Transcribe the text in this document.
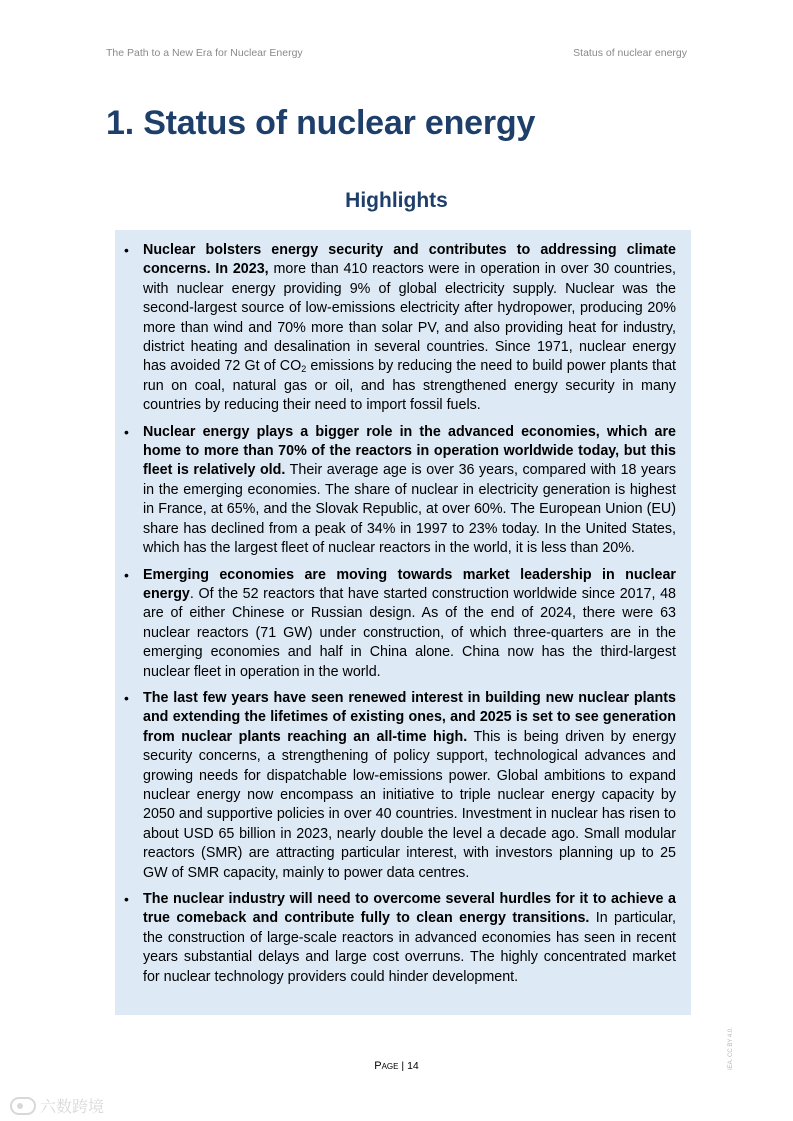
The Path to a New Era for Nuclear Energy	Status of nuclear energy
1. Status of nuclear energy
Highlights
• Nuclear bolsters energy security and contributes to addressing climate concerns. In 2023, more than 410 reactors were in operation in over 30 countries, with nuclear energy providing 9% of global electricity supply. Nuclear was the second-largest source of low-emissions electricity after hydropower, producing 20% more than wind and 70% more than solar PV, and also providing heat for industry, district heating and desalination in several countries. Since 1971, nuclear energy has avoided 72 Gt of $CO_2$ emissions by reducing the need to build power plants that run on coal, natural gas or oil, and has strengthened energy security in many countries by reducing their need to import fossil fuels.
• Nuclear energy plays a bigger role in the advanced economies, which are home to more than 70% of the reactors in operation worldwide today, but this fleet is relatively old. Their average age is over 36 years, compared with 18 years in the emerging economies. The share of nuclear in electricity generation is highest in France, at 65%, and the Slovak Republic, at over 60%. The European Union (EU) share has declined from a peak of 34% in 1997 to 23% today. In the United States, which has the largest fleet of nuclear reactors in the world, it is less than 20%.
• Emerging economies are moving towards market leadership in nuclear energy. Of the 52 reactors that have started construction worldwide since 2017, 48 are of either Chinese or Russian design. As of the end of 2024, there were 63 nuclear reactors (71 GW) under construction, of which three-quarters are in the emerging economies and half in China alone. China now has the third-largest nuclear fleet in operation in the world.
• The last few years have seen renewed interest in building new nuclear plants and extending the lifetimes of existing ones, and 2025 is set to see generation from nuclear plants reaching an all-time high. This is being driven by energy security concerns, a strengthening of policy support, technological advances and growing needs for dispatchable low-emissions power. Global ambitions to expand nuclear energy now encompass an initiative to triple nuclear energy capacity by 2050 and supportive policies in over 40 countries. Investment in nuclear has risen to about USD 65 billion in 2023, nearly double the level a decade ago. Small modular reactors (SMR) are attracting particular interest, with investors planning up to 25 GW of SMR capacity, mainly to power data centres.
• The nuclear industry will need to overcome several hurdles for it to achieve a true comeback and contribute fully to clean energy transitions. In particular, the construction of large-scale reactors in advanced economies has seen in recent years substantial delays and large cost overruns. The highly concentrated market for nuclear technology providers could hinder development.
Page | 14	IEA. CC BY 4.0.
六数跨境
